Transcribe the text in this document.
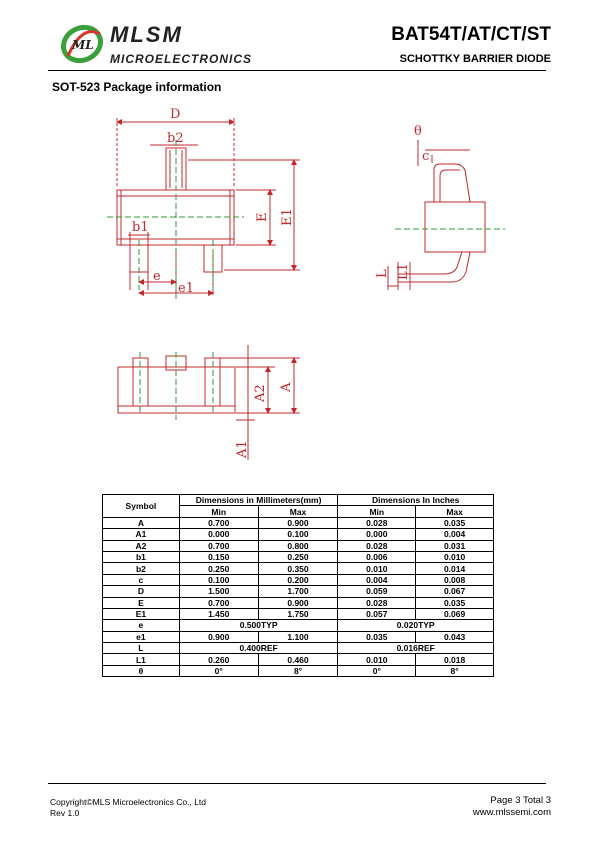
ML MLSM
MICROELECTRONICS
BAT54T/AT/CT/ST
SCHOTTKY BARRIER DIODE
SOT-523 Package information
D
b2
E E1
b1
e
e1
θ
c
L L1
A
A2
A1
Symbol	Dimensions in Millimeters(mm)		Dimensions In Inches	
	Min	Max	Min	Max
A	0.700	0.900	0.028	0.035
A1	0.000	0.100	0.000	0.004
A2	0.700	0.800	0.028	0.031
b1	0.150	0.250	0.006	0.010
b2	0.250	0.350	0.010	0.014
c	0.100	0.200	0.004	0.008
D	1.500	1.700	0.059	0.067
E	0.700	0.900	0.028	0.035
E1	1.450	1.750	0.057	0.069
e	0.500TYP		0.020TYP	
e1	0.900	1.100	0.035	0.043
L	0.400REF		0.016REF	
L1	0.260	0.460	0.010	0.018
θ	0°	8°	0°	8°
Copyright©MLS Microelectronics Co., Ltd
Rev 1.0
Page 3 Total 3
www.mlssemi.com
